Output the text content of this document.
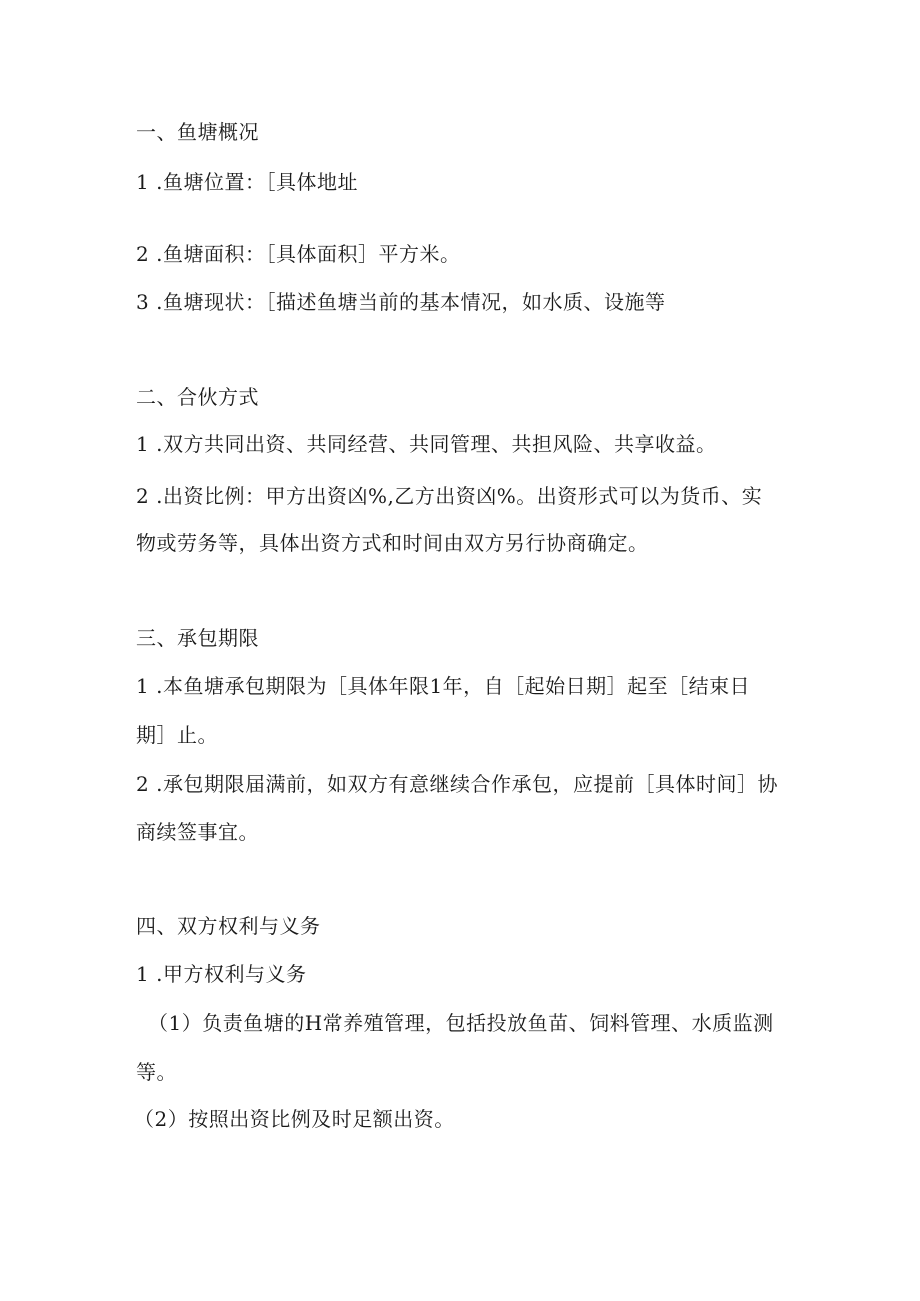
一、鱼塘概况
1 .鱼塘位置：［具体地址
2 .鱼塘面积：［具体面积］平方米。
3 .鱼塘现状：［描述鱼塘当前的基本情况，如水质、设施等
二、合伙方式
1 .双方共同出资、共同经营、共同管理、共担风险、共享收益。
2 .出资比例：甲方出资凶%,乙方出资凶%。出资形式可以为货币、实
物或劳务等，具体出资方式和时间由双方另行协商确定。
三、承包期限
1 .本鱼塘承包期限为［具体年限1年，自［起始日期］起至［结束日
期］止。
2 .承包期限届满前，如双方有意继续合作承包，应提前［具体时间］协
商续签事宜。
四、双方权利与义务
1 .甲方权利与义务
（1）负责鱼塘的H常养殖管理，包括投放鱼苗、饲料管理、水质监测
等。
（2）按照出资比例及时足额出资。
